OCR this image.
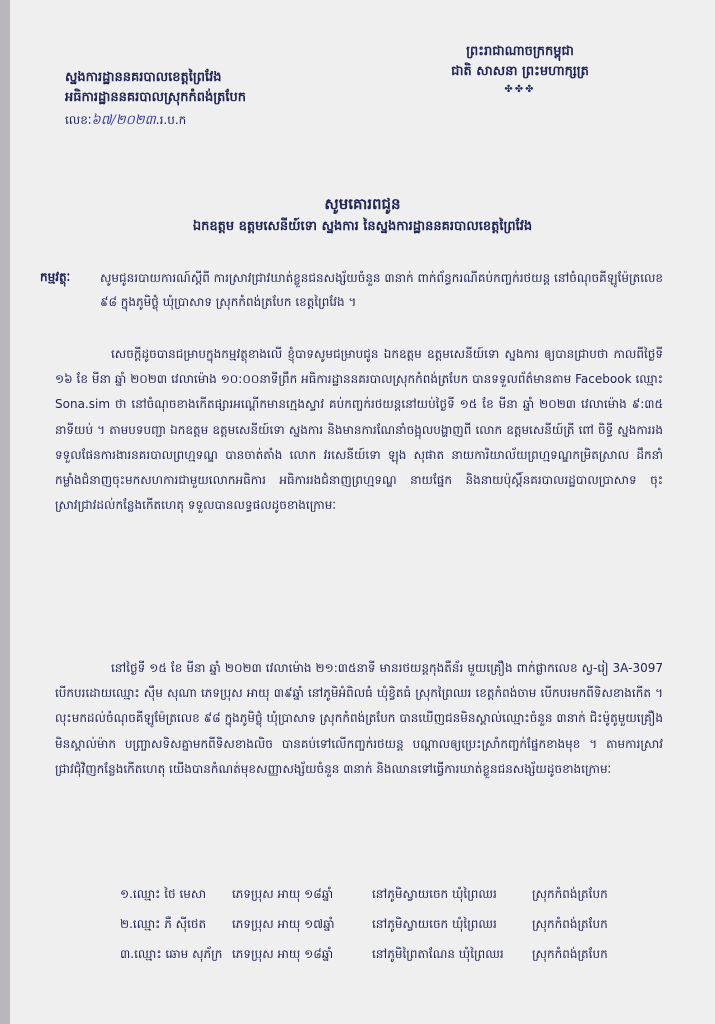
ព្រះរាជាណាចក្រកម្ពុជា
ជាតិ សាសនា ព្រះមហាក្សត្រ
✤✤✤
ស្នងការដ្ឋាននគរបាលខេត្តព្រៃវែង
អធិការដ្ឋាននគរបាលស្រុកកំពង់ត្របែក
លេខៈ៦៧/២០២៣.រ.ប.ក
សូមគោរពជូន
ឯកឧត្តម ឧត្តមសេនីយ៍ទោ ស្នងការ នៃស្នងការដ្ឋាននគរបាលខេត្តព្រៃវែង
កម្មវត្ថុៈ	សូមជូនរបាយការណ៍ស្តីពី ការស្រាវជ្រាវឃាត់ខ្លួនជនសង្ស័យចំនួន ៣នាក់ ពាក់ព័ន្ធករណីគប់កញ្ចក់រថយន្ត នៅចំណុចគីឡូម៉ែត្រលេខ ៩៨ ក្នុងភូមិថ្លុំ ឃុំប្រាសាទ ស្រុកកំពង់ត្របែក ខេត្តព្រៃវែង ។
សេចក្តីដូចបានជម្រាបក្នុងកម្មវត្ថុខាងលើ ខ្ញុំបាទសូមជម្រាបជូន ឯកឧត្តម ឧត្តមសេនីយ៍ទោ ស្នងការ ឲ្យបានជ្រាបថា កាលពីថ្ងៃទី ១៦ ខែ មីនា ឆ្នាំ ២០២៣ វេលាម៉ោង ១០:០០នាទីព្រឹក អធិការដ្ឋាននគរបាលស្រុកកំពង់ត្របែក បានទទួលព័ត៌មានតាម Facebook ឈ្មោះ Sona.sim ថា នៅចំណុចខាងកើតផ្សារអណ្តើកមានក្មេងស្ទាវ គប់កញ្ចក់រថយន្តនៅយប់ថ្ងៃទី ១៥ ខែ មីនា ឆ្នាំ ២០២៣ វេលាម៉ោង ៩:៣៥ នាទីយប់ ។ តាមបទបញ្ជា ឯកឧត្តម ឧត្តមសេនីយ៍ទោ ស្នងការ និងមានការណែនាំចង្អុលបង្ហាញពី លោក ឧត្តមសេនីយ៍ត្រី ពៅ ចិទ្ធី ស្នងការរងទទួលផែនការងារនគរបាលព្រហ្មទណ្ឌ បានចាត់តាំង លោក វរសេនីយ៍ទោ ឡុង សុផាត នាយការិយាល័យព្រហ្មទណ្ឌកម្រិតស្រាល ដឹកនាំកម្លាំងជំនាញចុះមកសហការជាមួយលោកអធិការ អធិការរងជំនាញព្រហ្មទណ្ឌ នាយផ្នែក និងនាយប៉ុស្តិ៍នគរបាលរដ្ឋបាលប្រាសាទ ចុះស្រាវជ្រាវដល់កន្លែងកើតហេតុ ទទួលបានលទ្ធផលដូចខាងក្រោមៈ
នៅថ្ងៃទី ១៥ ខែ មីនា ឆ្នាំ ២០២៣ វេលាម៉ោង ២១:៣៥នាទី មានរថយន្តកុងតឺន័រ មួយគ្រឿង ពាក់ផ្លាកលេខ ស្វ-រៀ 3A-3097 បើកបរដោយឈ្មោះ ស៊ឹម សុណា ភេទប្រុស អាយុ ៣៩ឆ្នាំ នៅភូមិអំពិលធំ ឃុំខ្វិតធំ ស្រុកព្រៃឈរ ខេត្តកំពង់ចាម បើកបរមកពីទិសខាងកើត ។ លុះមកដល់ចំណុចគីឡូម៉ែត្រលេខ ៩៨ ក្នុងភូមិថ្លុំ ឃុំប្រាសាទ ស្រុកកំពង់ត្របែក បានឃើញជនមិនស្គាល់ឈ្មោះចំនួន ៣នាក់ ជិះម៉ូតូមួយគ្រឿង មិនស្គាល់ម៉ាក បញ្ច្រាសទិសគ្នាមកពីទិសខាងលិច បានគប់ទៅលើកញ្ចក់រថយន្ត បណ្តាលឲ្យប្រេះស្រាំកញ្ចក់ផ្នែកខាងមុខ ។ តាមការស្រាវជ្រាវជុំវិញកន្លែងកើតហេតុ យើងបានកំណត់មុខសញ្ញាសង្ស័យចំនួន ៣នាក់ និងឈានទៅធ្វើការឃាត់ខ្លួនជនសង្ស័យដូចខាងក្រោមៈ
១.ឈ្មោះ ថៃ មេសា	ភេទប្រុស អាយុ ១៨ឆ្នាំ	នៅភូមិស្វាយចេក ឃុំព្រៃឈរ	ស្រុកកំពង់ត្របែក
២.ឈ្មោះ ភឺ ស៊ីថេត	ភេទប្រុស អាយុ ១៧ឆ្នាំ	នៅភូមិស្វាយចេក ឃុំព្រៃឈរ	ស្រុកកំពង់ត្របែក
៣.ឈ្មោះ ឆោម សុភ័ក្រ ភេទប្រុស អាយុ ១៨ឆ្នាំ	នៅភូមិព្រៃតាណែន ឃុំព្រៃឈរ	ស្រុកកំពង់ត្របែក
